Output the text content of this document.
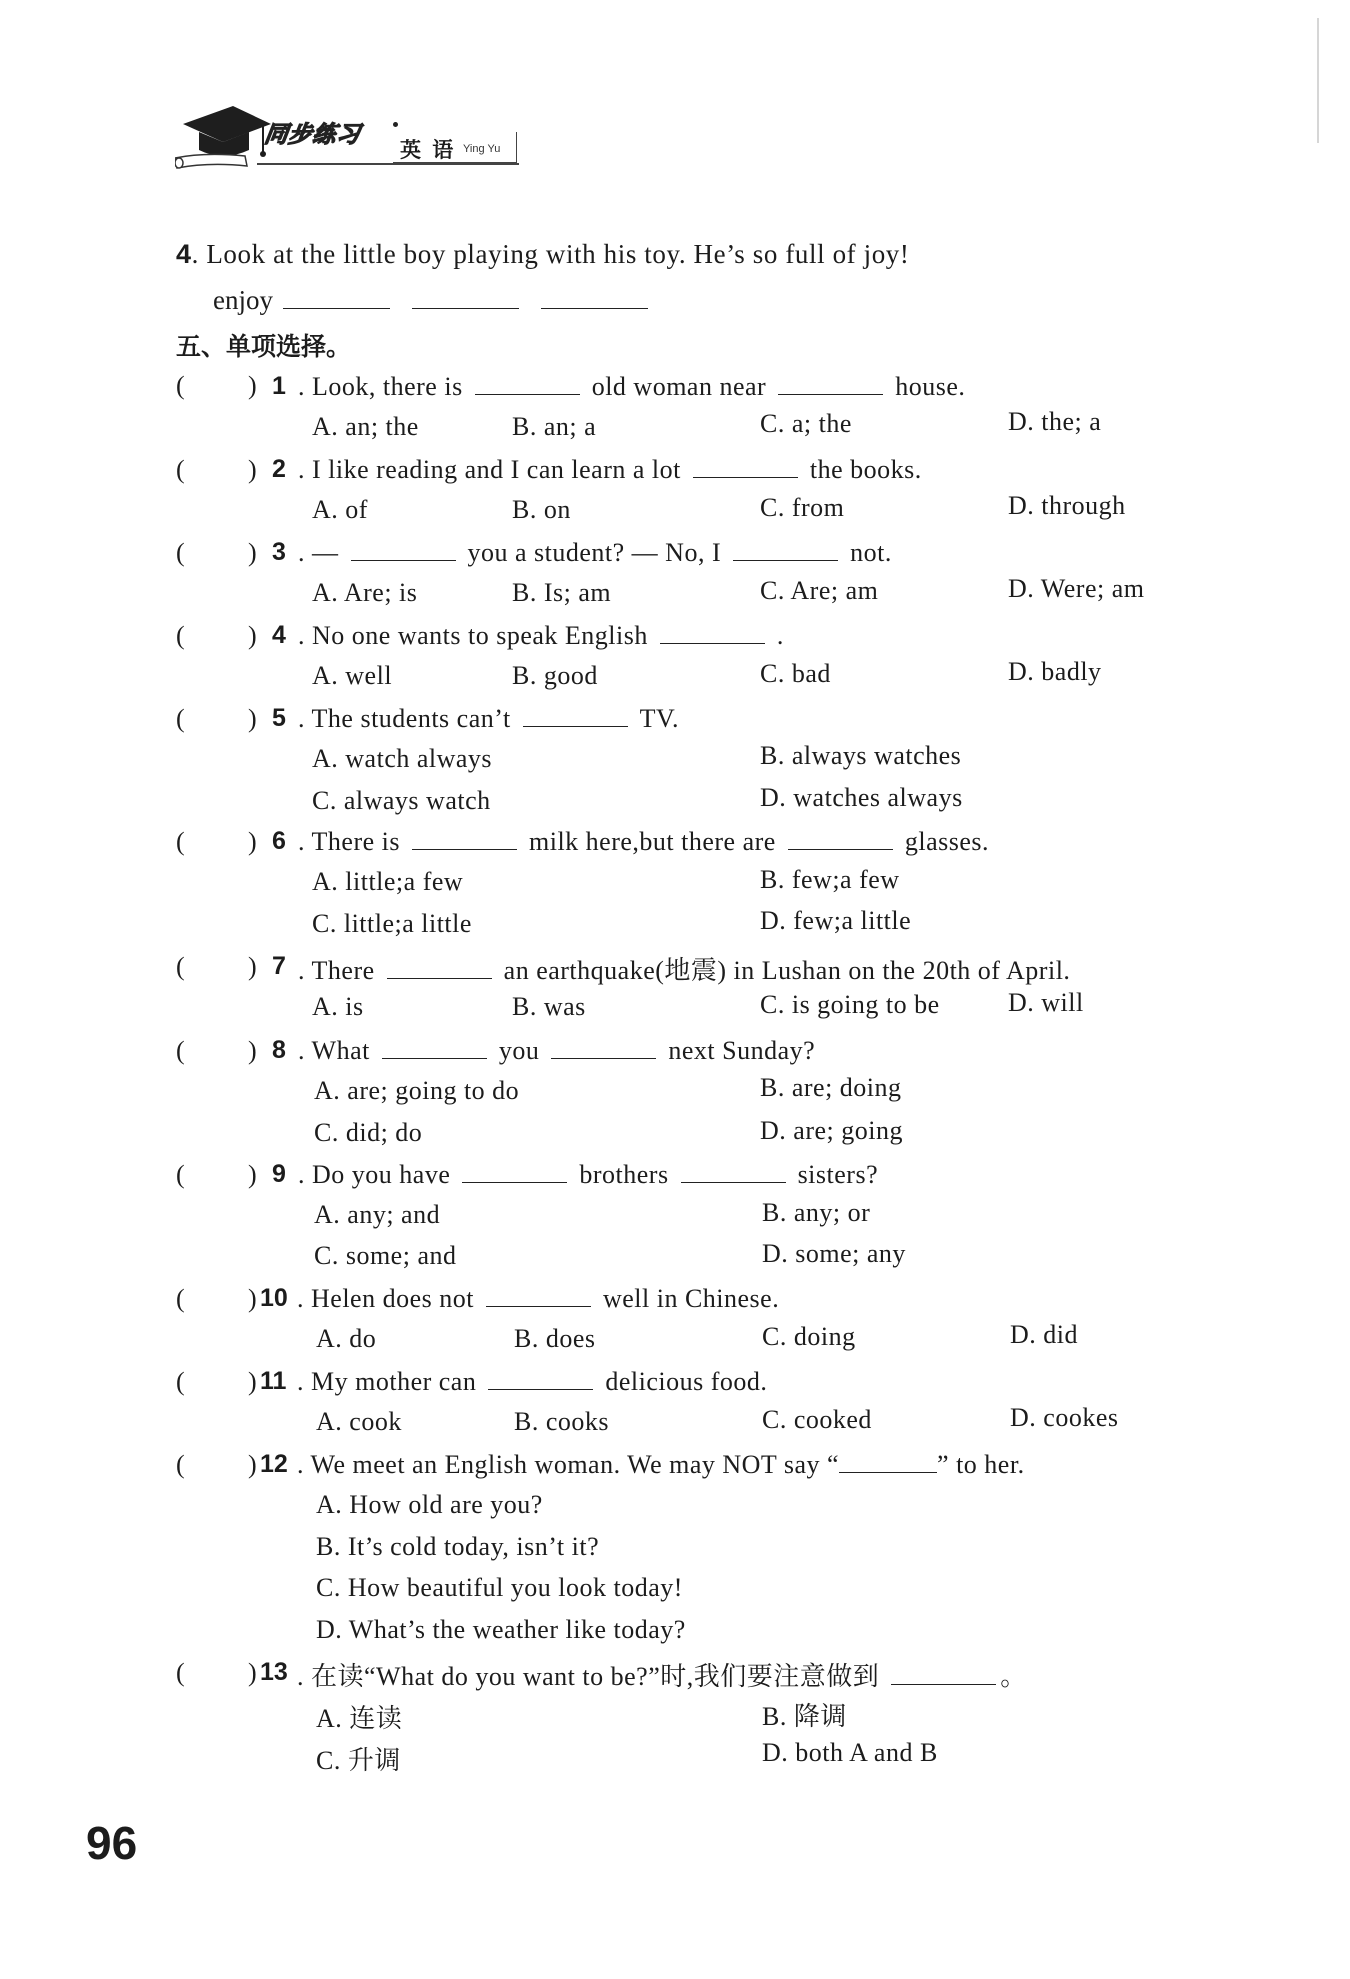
同步练习
英 语 Ying Yu
4. Look at the little boy playing with his toy. He’s so full of joy!
enjoy
五、单项选择。
( ) 1 . Look, there is	old woman near	house.
A. an; the	B. an; a	C. a; the	D. the; a
( ) 2 . I like reading and I can learn a lot	the books.
A. of	B. on	C. from	D. through
( ) 3 . —	you a student? — No, I	not.
A. Are; is	B. Is; am	C. Are; am	D. Were; am
( ) 4 . No one wants to speak English	.
A. well	B. good	C. bad	D. badly
( ) 5 . The students can’t	TV.
A. watch always	B. always watches
C. always watch	D. watches always
( ) 6 . There is	milk here,but there are	glasses.
A. little;a few	B. few;a few
C. little;a little	D. few;a little
( ) 7 . There	an earthquake(地震) in Lushan on the 20th of April.
A. is	B. was	C. is going to be	D. will
( ) 8 . What	you	next Sunday?
A. are; going to do	B. are; doing
C. did; do	D. are; going
( ) 9 . Do you have	brothers	sisters?
A. any; and	B. any; or
C. some; and	D. some; any
( ) 10 . Helen does not	well in Chinese.
A. do	B. does	C. doing	D. did
( ) 11 . My mother can	delicious food.
A. cook	B. cooks	C. cooked	D. cookes
( ) 12 . We meet an English woman. We may NOT say “	” to her.
A. How old are you?
B. It’s cold today, isn’t it?
C. How beautiful you look today!
D. What’s the weather like today?
( ) 13 . 在读“What do you want to be?”时,我们要注意做到	。
A. 连读	B. 降调
C. 升调	D. both A and B
96
